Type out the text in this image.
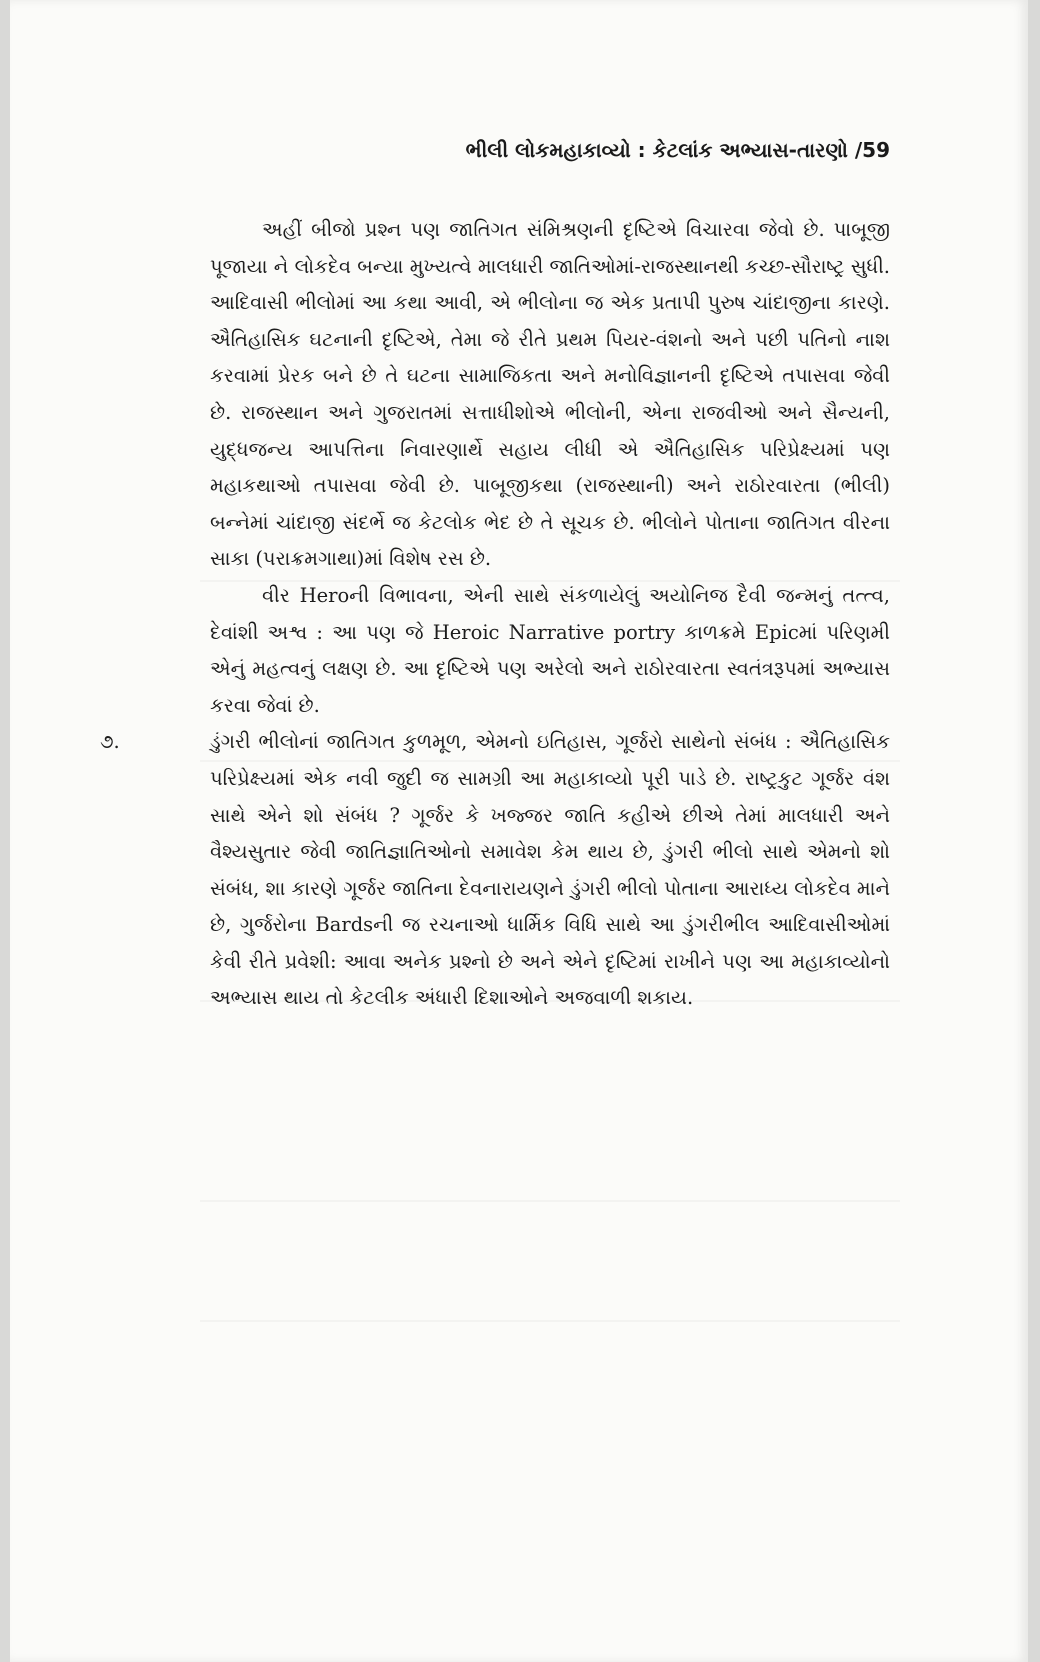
ભીલી લોકમહાકાવ્યો : કેટલાંક અભ્યાસ-તારણો /59

અહીં બીજો પ્રશ્ન પણ જાતિગત સંમિશ્રણની દૃષ્ટિએ વિચારવા જેવો છે. પાબૂજી પૂજાયા ને લોકદેવ બન્યા મુખ્યત્વે માલધારી જાતિઓમાં-રાજસ્થાનથી કચ્છ-સૌરાષ્ટ્ર સુધી. આદિવાસી ભીલોમાં આ કથા આવી, એ ભીલોના જ એક પ્રતાપી પુરુષ ચાંદાજીના કારણે. ઐતિહાસિક ઘટનાની દૃષ્ટિએ, તેમા જે રીતે પ્રથમ પિયર-વંશનો અને પછી પતિનો નાશ કરવામાં પ્રેરક બને છે તે ઘટના સામાજિકતા અને મનોવિજ્ઞાનની દૃષ્ટિએ તપાસવા જેવી છે. રાજસ્થાન અને ગુજરાતમાં સત્તાધીશોએ ભીલોની, એના રાજવીઓ અને સૈન્યની, યુદ્ધજન્ય આપત્તિના નિવારણાર્થે સહાય લીધી એ ઐતિહાસિક પરિપ્રેક્ષ્યમાં પણ મહાકથાઓ તપાસવા જેવી છે. પાબૂજીકથા (રાજસ્થાની) અને રાઠોરવારતા (ભીલી) બન્નેમાં ચાંદાજી સંદર્ભે જ કેટલોક ભેદ છે તે સૂચક છે. ભીલોને પોતાના જાતિગત વીરના સાકા (પરાક્રમગાથા)માં વિશેષ રસ છે.

વીર Heroની વિભાવના, એની સાથે સંકળાયેલું અયોનિજ દૈવી જન્મનું તત્ત્વ, દેવાંશી અશ્વ : આ પણ જે Heroic Narrative portry કાળક્રમે Epicમાં પરિણમી એનું મહત્વનું લક્ષણ છે. આ દૃષ્ટિએ પણ અરેલો અને રાઠોરવારતા સ્વતંત્રરૂપમાં અભ્યાસ કરવા જેવાં છે.

૭.	ડુંગરી ભીલોનાં જાતિગત કુળમૂળ, એમનો ઇતિહાસ, ગૂર્જરો સાથેનો સંબંધ : ઐતિહાસિક પરિપ્રેક્ષ્યમાં એક નવી જુદી જ સામગ્રી આ મહાકાવ્યો પૂરી પાડે છે. રાષ્ટ્રકુટ ગૂર્જર વંશ સાથે એને શો સંબંધ ? ગૂર્જર કે ખજ્જર જાતિ કહીએ છીએ તેમાં માલધારી અને વૈશ્યસુતાર જેવી જાતિજ્ઞાતિઓનો સમાવેશ કેમ થાય છે, ડુંગરી ભીલો સાથે એમનો શો સંબંધ, શા કારણે ગૂર્જર જાતિના દેવનારાયણને ડુંગરી ભીલો પોતાના આરાધ્ય લોકદેવ માને છે, ગુર્જરોના Bardsની જ રચનાઓ ધાર્મિક વિધિ સાથે આ ડુંગરીભીલ આદિવાસીઓમાં કેવી રીતે પ્રવેશી: આવા અનેક પ્રશ્નો છે અને એને દૃષ્ટિમાં રાખીને પણ આ મહાકાવ્યોનો અભ્યાસ થાય તો કેટલીક અંધારી દિશાઓને અજવાળી શકાય.
